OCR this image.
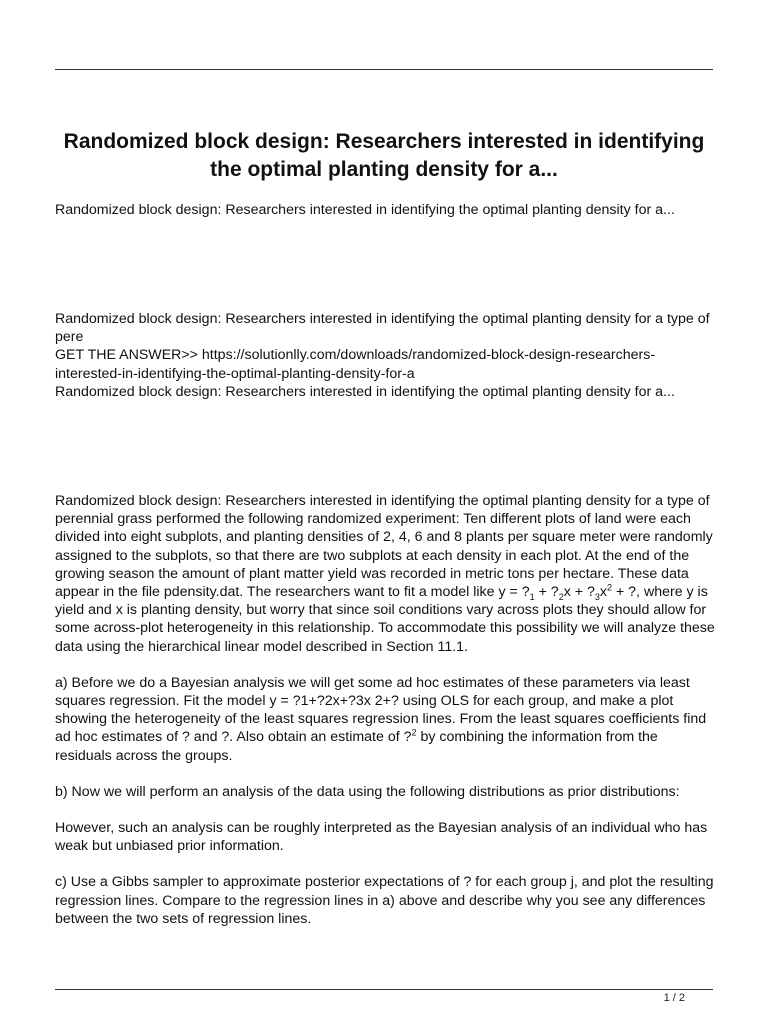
Randomized block design: Researchers interested in identifying the optimal planting density for a...

Randomized block design: Researchers interested in identifying the optimal planting density for a...

Randomized block design: Researchers interested in identifying the optimal planting density for a type of pere

GET THE ANSWER>> https://solutionlly.com/downloads/randomized-block-design-researchers-interested-in-identifying-the-optimal-planting-density-for-a

Randomized block design: Researchers interested in identifying the optimal planting density for a...

Randomized block design: Researchers interested in identifying the optimal planting density for a type of perennial grass performed the following randomized experiment: Ten different plots of land were each divided into eight subplots, and planting densities of 2, 4, 6 and 8 plants per square meter were randomly assigned to the subplots, so that there are two subplots at each density in each plot. At the end of the growing season the amount of plant matter yield was recorded in metric tons per hectare. These data appear in the file pdensity.dat. The researchers want to fit a model like $y = ?_1$ + $?_2x$ + $?_3x^2$ + ?, where y is yield and x is planting density, but worry that since soil conditions vary across plots they should allow for some across-plot heterogeneity in this relationship. To accommodate this possibility we will analyze these data using the hierarchical linear model described in Section 11.1.

a) Before we do a Bayesian analysis we will get some ad hoc estimates of these parameters via least squares regression. Fit the model y = ?1+?2x+?3x 2+? using OLS for each group, and make a plot showing the heterogeneity of the least squares regression lines. From the least squares coefficients find ad hoc estimates of ? and ?. Also obtain an estimate of ?$^2$ by combining the information from the residuals across the groups.

b) Now we will perform an analysis of the data using the following distributions as prior distributions:

However, such an analysis can be roughly interpreted as the Bayesian analysis of an individual who has weak but unbiased prior information.

c) Use a Gibbs sampler to approximate posterior expectations of ? for each group j, and plot the resulting regression lines. Compare to the regression lines in a) above and describe why you see any differences between the two sets of regression lines.

1 / 2
